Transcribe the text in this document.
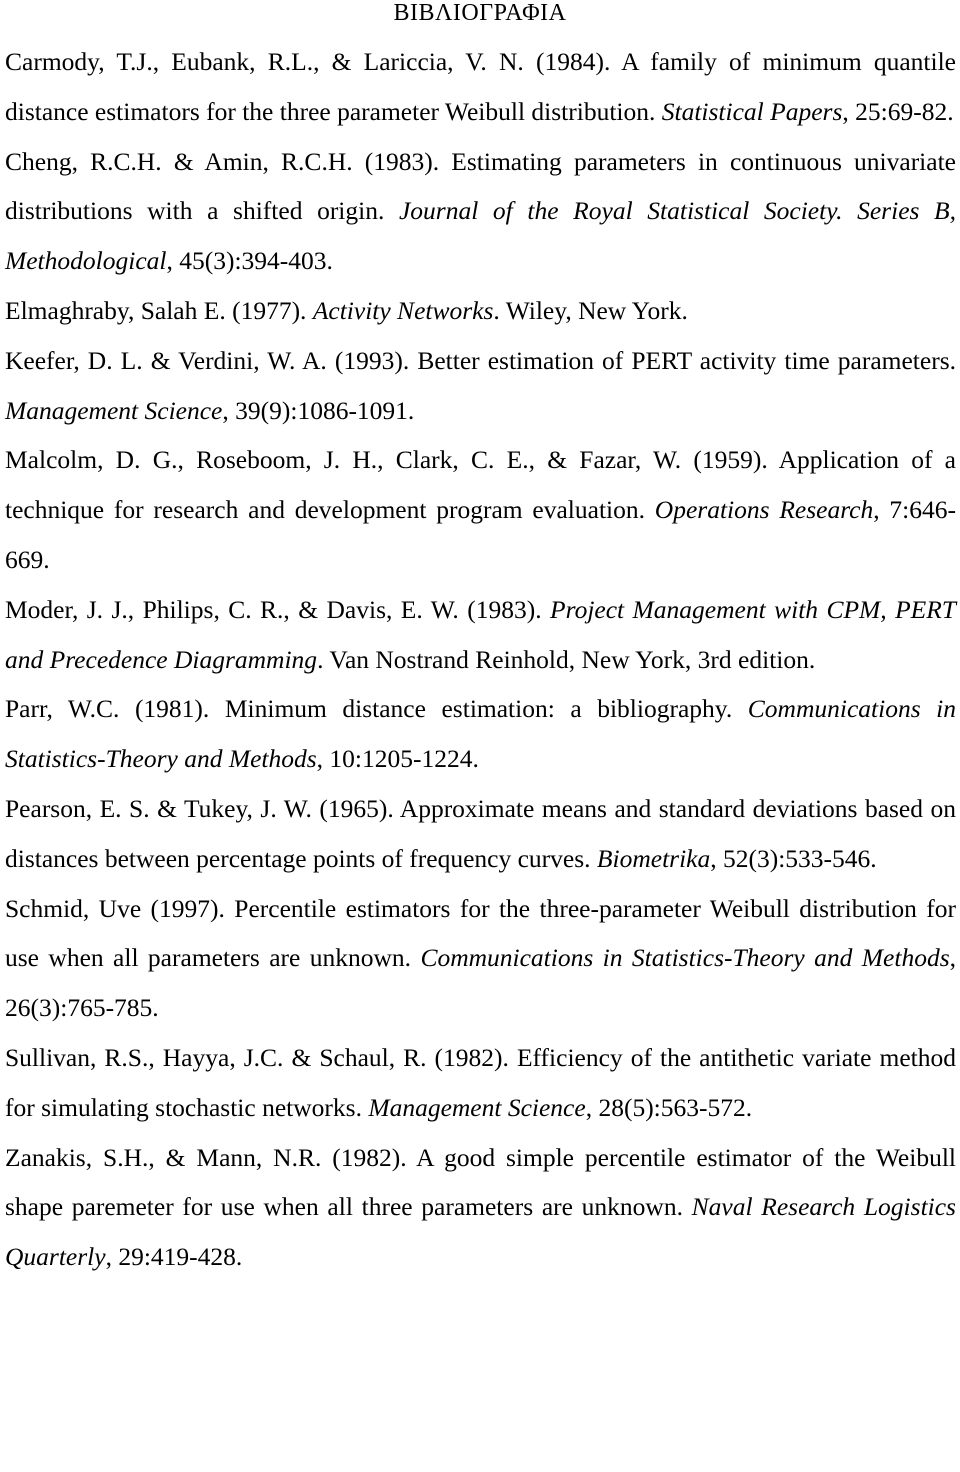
ΒΙΒΛΙΟΓΡΑΦΙΑ

Carmody, T.J., Eubank, R.L., & Lariccia, V. N. (1984). A family of minimum quantile distance estimators for the three parameter Weibull distribution. Statistical Papers, 25:69-82.

Cheng, R.C.H. & Amin, R.C.H. (1983). Estimating parameters in continuous univariate distributions with a shifted origin. Journal of the Royal Statistical Society. Series B, Methodological, 45(3):394-403.

Elmaghraby, Salah E. (1977). Activity Networks. Wiley, New York.

Keefer, D. L. & Verdini, W. A. (1993). Better estimation of PERT activity time parameters. Management Science, 39(9):1086-1091.

Malcolm, D. G., Roseboom, J. H., Clark, C. E., & Fazar, W. (1959). Application of a technique for research and development program evaluation. Operations Research, 7:646-669.

Moder, J. J., Philips, C. R., & Davis, E. W. (1983). Project Management with CPM, PERT and Precedence Diagramming. Van Nostrand Reinhold, New York, 3rd edition.

Parr, W.C. (1981). Minimum distance estimation: a bibliography. Communications in Statistics-Theory and Methods, 10:1205-1224.

Pearson, E. S. & Tukey, J. W. (1965). Approximate means and standard deviations based on distances between percentage points of frequency curves. Biometrika, 52(3):533-546.

Schmid, Uve (1997). Percentile estimators for the three-parameter Weibull distribution for use when all parameters are unknown. Communications in Statistics-Theory and Methods, 26(3):765-785.

Sullivan, R.S., Hayya, J.C. & Schaul, R. (1982). Efficiency of the antithetic variate method for simulating stochastic networks. Management Science, 28(5):563-572.

Zanakis, S.H., & Mann, N.R. (1982). A good simple percentile estimator of the Weibull shape paremeter for use when all three parameters are unknown. Naval Research Logistics Quarterly, 29:419-428.
